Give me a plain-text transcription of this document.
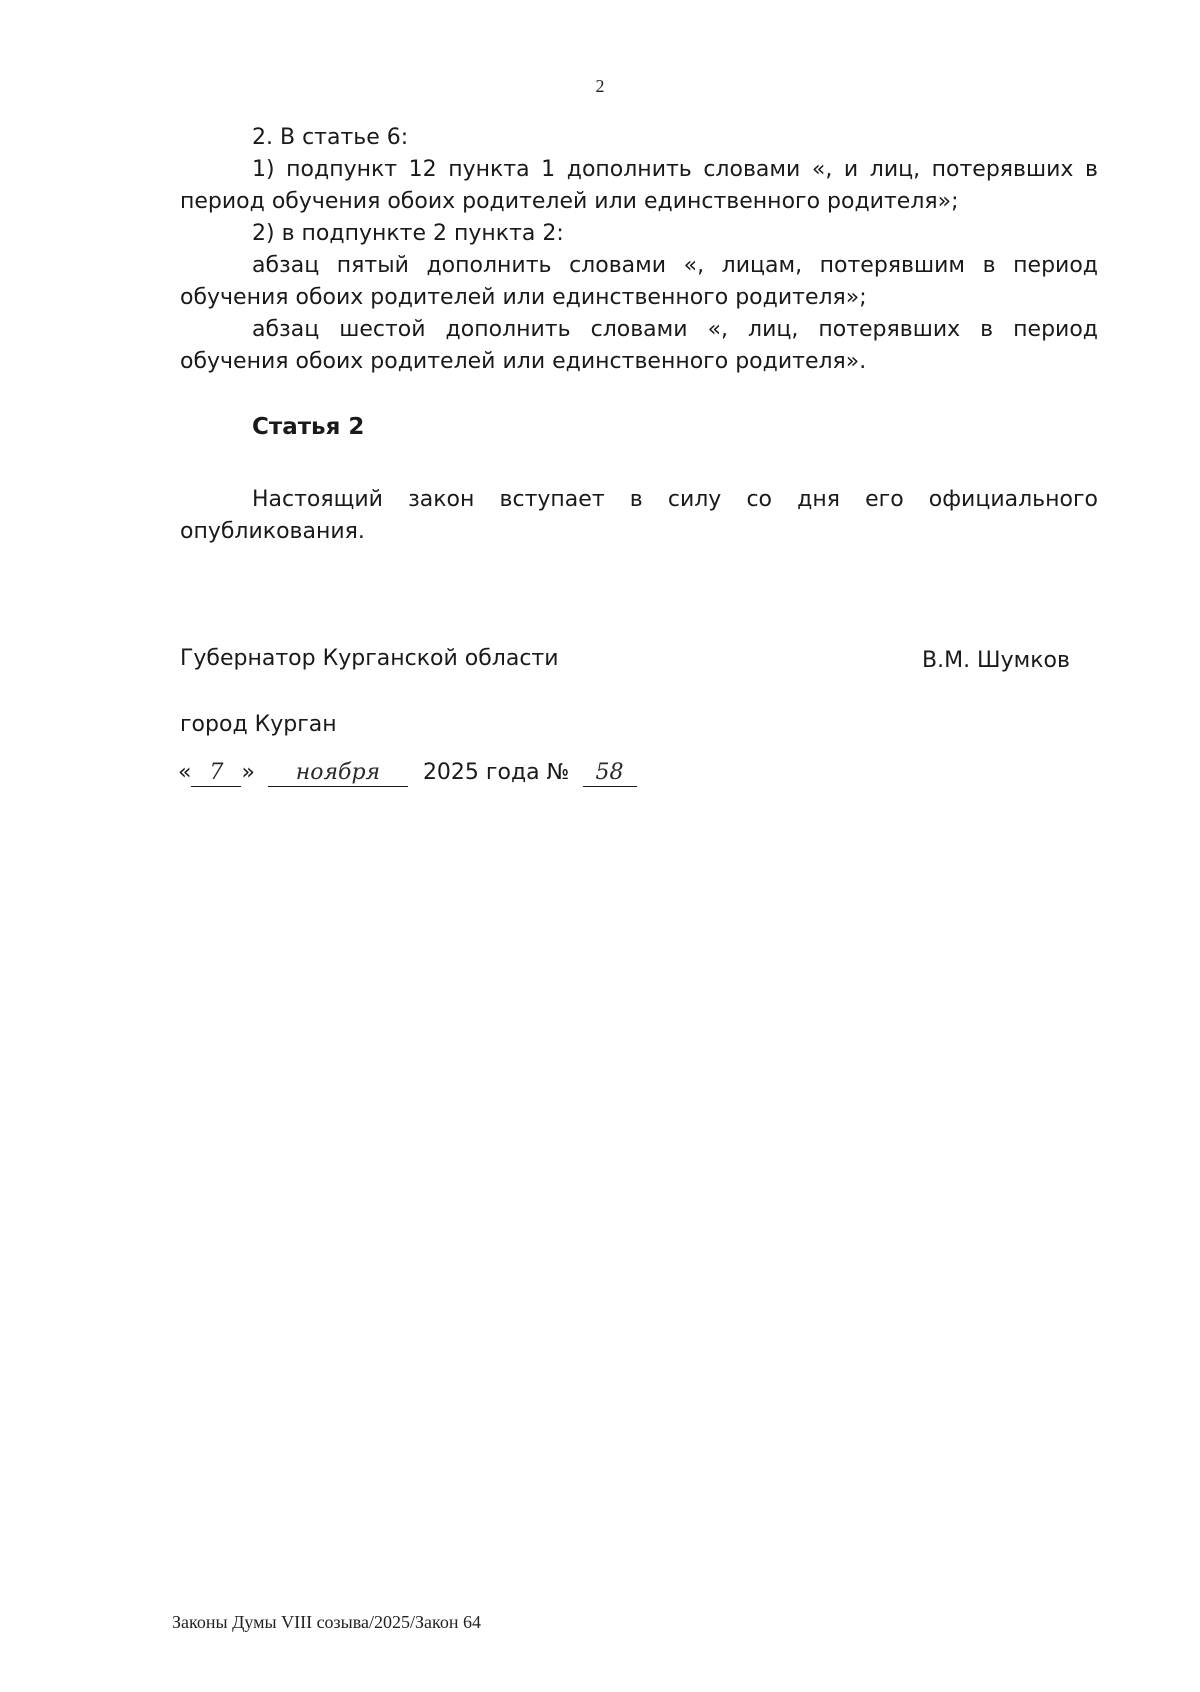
2

2. В статье 6:

1) подпункт 12 пункта 1 дополнить словами «, и лиц, потерявших в период обучения обоих родителей или единственного родителя»;

2) в подпункте 2 пункта 2:

абзац пятый дополнить словами «, лицам, потерявшим в период обучения обоих родителей или единственного родителя»;

абзац шестой дополнить словами «, лиц, потерявших в период обучения обоих родителей или единственного родителя».

Статья 2

Настоящий закон вступает в силу со дня его официального опубликования.

Губернатор Курганской области	В.М. Шумков
город Курган
« 7 » ноября 2025 года № 58
Законы Думы VIII созыва/2025/Закон 64
